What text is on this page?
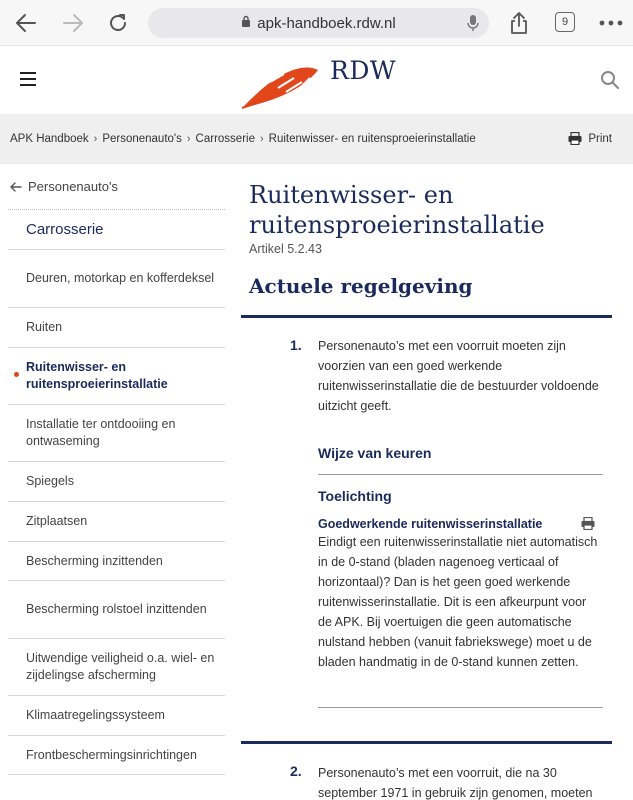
apk-handboek.rdw.nl	9
RDW
APK Handboek › Personenauto's › Carrosserie › Ruitenwisser- en ruitensproeierinstallatie	Print
Personenauto's
Carrosserie
Deuren, motorkap en kofferdeksel
Ruiten
Ruitenwisser- en ruitensproeierinstallatie
Installatie ter ontdooiing en ontwaseming
Spiegels
Zitplaatsen
Bescherming inzittenden
Bescherming rolstoel inzittenden
Uitwendige veiligheid o.a. wiel- en zijdelingse afscherming
Klimaatregelingssysteem
Frontbeschermingsinrichtingen
Ruitenwisser- en ruitensproeierinstallatie
Artikel 5.2.43
Actuele regelgeving
1. Personenauto’s met een voorruit moeten zijn voorzien van een goed werkende ruitenwisserinstallatie die de bestuurder voldoende uitzicht geeft.
Wijze van keuren
Toelichting
Goedwerkende ruitenwisserinstallatie
Eindigt een ruitenwisserinstallatie niet automatisch in de 0-stand (bladen nagenoeg verticaal of horizontaal)? Dan is het geen goed werkende ruitenwisserinstallatie. Dit is een afkeurpunt voor de APK. Bij voertuigen die geen automatische nulstand hebben (vanuit fabriekswege) moet u de bladen handmatig in de 0-stand kunnen zetten.
2. Personenauto’s met een voorruit, die na 30 september 1971 in gebruik zijn genomen, moeten
